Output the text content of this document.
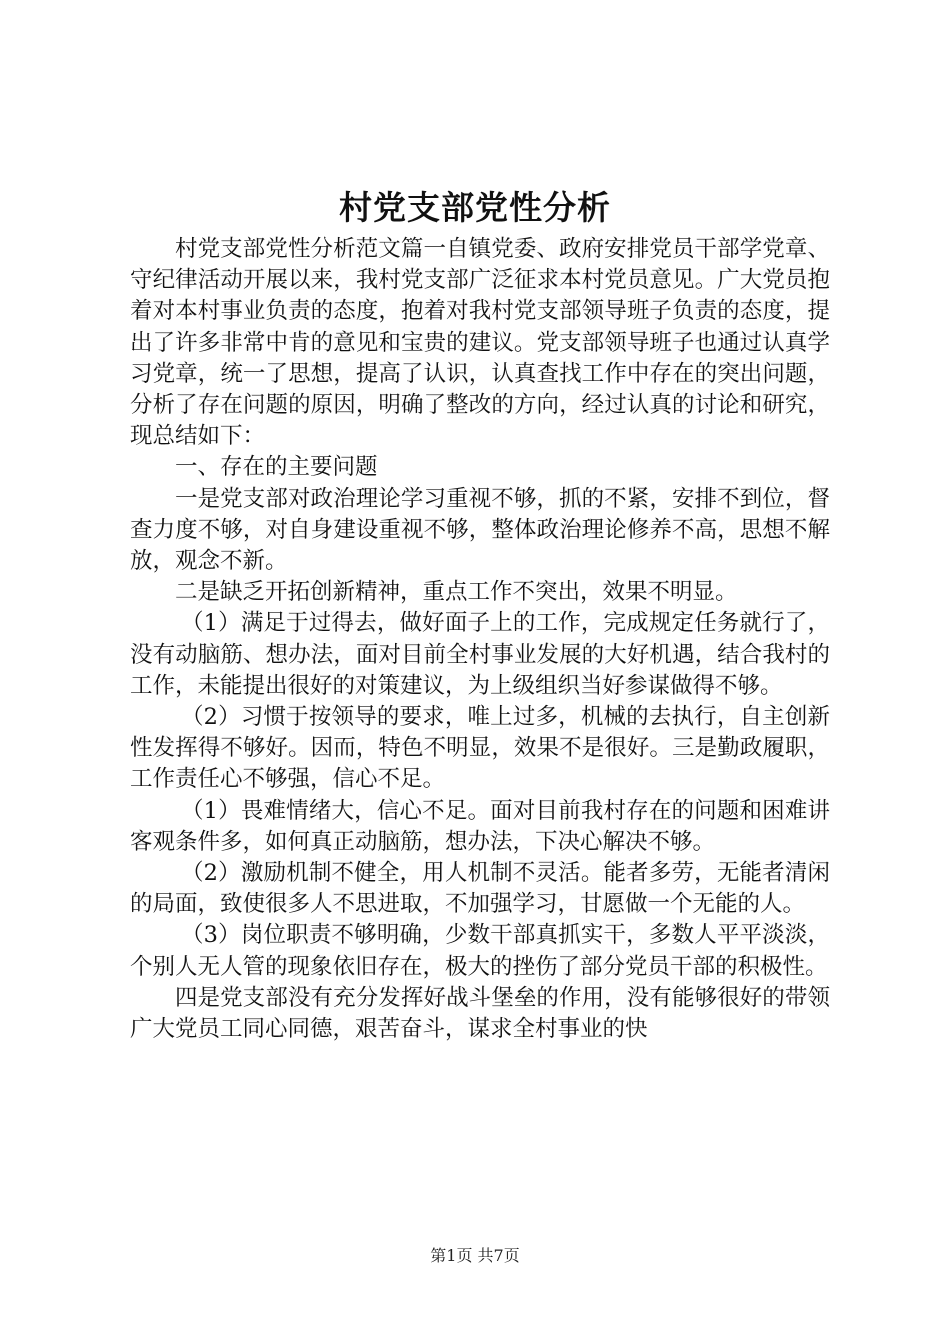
村党支部党性分析

村党支部党性分析范文篇一自镇党委、政府安排党员干部学党章、守纪律活动开展以来，我村党支部广泛征求本村党员意见。广大党员抱着对本村事业负责的态度，抱着对我村党支部领导班子负责的态度，提出了许多非常中肯的意见和宝贵的建议。党支部领导班子也通过认真学习党章，统一了思想，提高了认识，认真查找工作中存在的突出问题，分析了存在问题的原因，明确了整改的方向，经过认真的讨论和研究，现总结如下：

一、存在的主要问题

一是党支部对政治理论学习重视不够，抓的不紧，安排不到位，督查力度不够，对自身建设重视不够，整体政治理论修养不高，思想不解放，观念不新。

二是缺乏开拓创新精神，重点工作不突出，效果不明显。

（1）满足于过得去，做好面子上的工作，完成规定任务就行了，没有动脑筋、想办法，面对目前全村事业发展的大好机遇，结合我村的工作，未能提出很好的对策建议，为上级组织当好参谋做得不够。

（2）习惯于按领导的要求，唯上过多，机械的去执行，自主创新性发挥得不够好。因而，特色不明显，效果不是很好。三是勤政履职，工作责任心不够强，信心不足。

（1）畏难情绪大，信心不足。面对目前我村存在的问题和困难讲客观条件多，如何真正动脑筋，想办法，下决心解决不够。

（2）激励机制不健全，用人机制不灵活。能者多劳，无能者清闲的局面，致使很多人不思进取，不加强学习，甘愿做一个无能的人。

（3）岗位职责不够明确，少数干部真抓实干，多数人平平淡淡，个别人无人管的现象依旧存在，极大的挫伤了部分党员干部的积极性。

四是党支部没有充分发挥好战斗堡垒的作用，没有能够很好的带领广大党员工同心同德，艰苦奋斗，谋求全村事业的快

第1页 共7页
